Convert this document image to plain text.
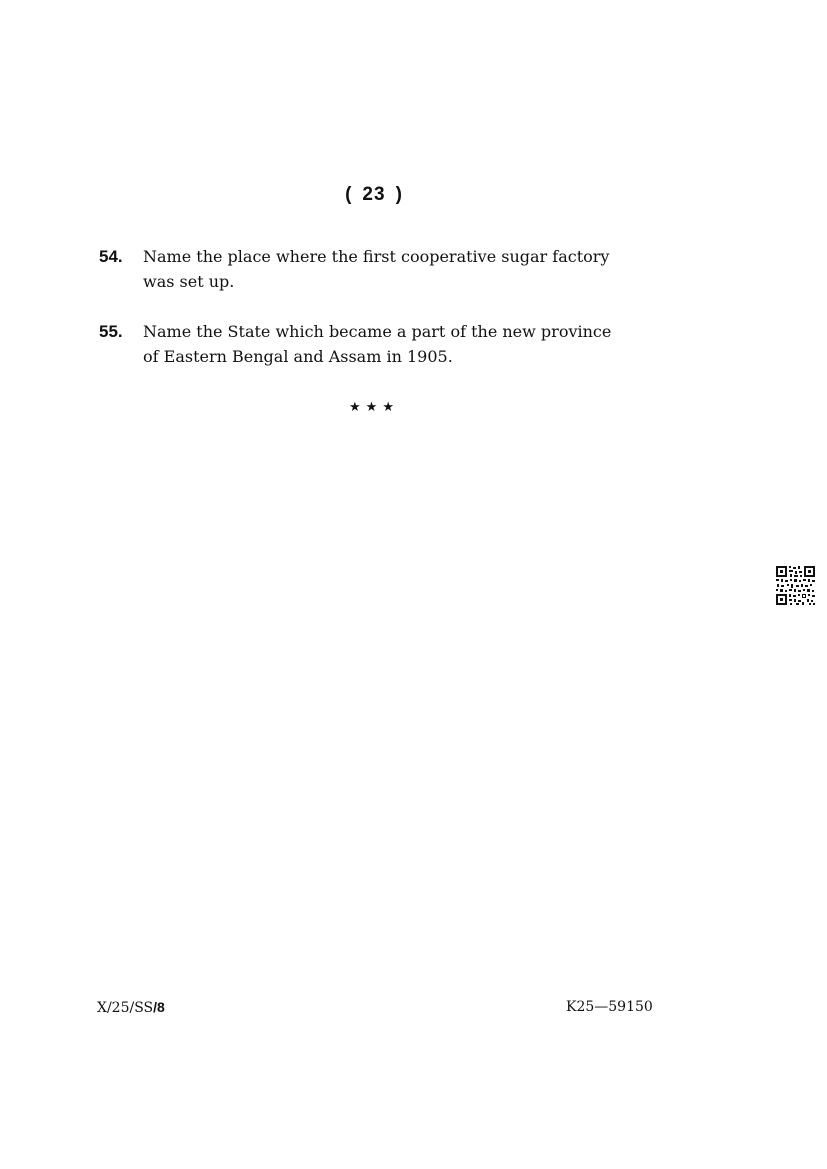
( 23 )
54. Name the place where the first cooperative sugar factory was set up.
55. Name the State which became a part of the new province of Eastern Bengal and Assam in 1905.
★★★
X/25/SS/8	K25—59150
